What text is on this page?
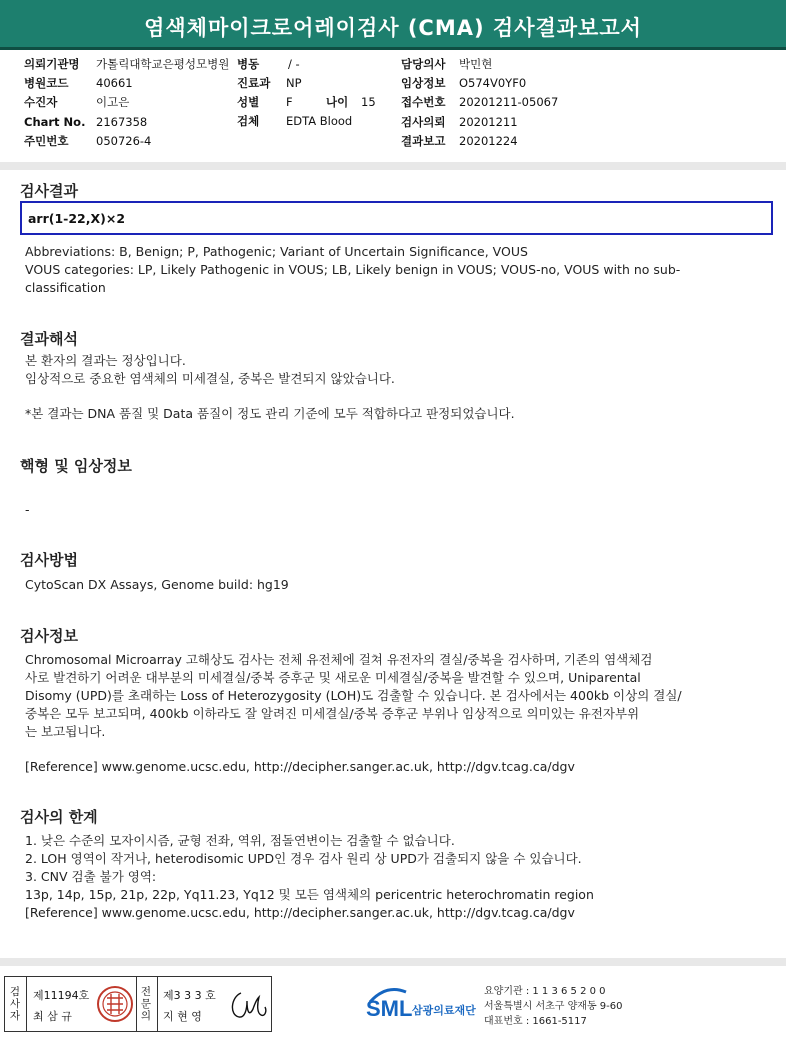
염색체마이크로어레이검사 (CMA) 검사결과보고서
의뢰기관명 가톨릭대학교은평성모병원
병원코드 40661
수진자	이고은
Chart No. 2167358
주민번호 050726-4
병동	/ -
진료과 NP
성별 F	나이 15
검체 EDTA Blood
담당의사 박민현
임상정보 O574V0YF0
접수번호 20201211-05067
검사의뢰 20201211
결과보고 20201224
검사결과
arr(1-22,X)×2
Abbreviations: B, Benign; P, Pathogenic; Variant of Uncertain Significance, VOUS
VOUS categories: LP, Likely Pathogenic in VOUS; LB, Likely benign in VOUS; VOUS-no, VOUS with no sub-
classification
결과해석
본 환자의 결과는 정상입니다.
임상적으로 중요한 염색체의 미세결실, 중복은 발견되지 않았습니다.
*본 결과는 DNA 품질 및 Data 품질이 정도 관리 기준에 모두 적합하다고 판정되었습니다.
핵형 및 임상정보
-
검사방법
CytoScan DX Assays, Genome build: hg19
검사정보
Chromosomal Microarray 고해상도 검사는 전체 유전체에 걸쳐 유전자의 결실/중복을 검사하며, 기존의 염색체검
사로 발견하기 어려운 대부분의 미세결실/중복 증후군 및 새로운 미세결실/중복을 발견할 수 있으며, Uniparental
Disomy (UPD)를 초래하는 Loss of Heterozygosity (LOH)도 검출할 수 있습니다. 본 검사에서는 400kb 이상의 결실/
중복은 모두 보고되며, 400kb 이하라도 잘 알려진 미세결실/중복 증후군 부위나 임상적으로 의미있는 유전자부위
는 보고됩니다.
[Reference] www.genome.ucsc.edu, http://decipher.sanger.ac.uk, http://dgv.tcag.ca/dgv
검사의 한계
1. 낮은 수준의 모자이시즘, 균형 전좌, 역위, 점돌연변이는 검출할 수 없습니다.
2. LOH 영역이 작거나, heterodisomic UPD인 경우 검사 원리 상 UPD가 검출되지 않을 수 있습니다.
3. CNV 검출 불가 영역:
13p, 14p, 15p, 21p, 22p, Yq11.23, Yq12 및 모든 염색체의 pericentric heterochromatin region
[Reference] www.genome.ucsc.edu, http://decipher.sanger.ac.uk, http://dgv.tcag.ca/dgv
검
사
자
제11194호
최 삼 규
전
문
의
제3 3 3 호
지 현 영	SML 삼광의료재단
요양기관 : 1 1 3 6 5 2 0 0
서울특별시 서초구 양재동 9-60
대표번호 : 1661-5117
